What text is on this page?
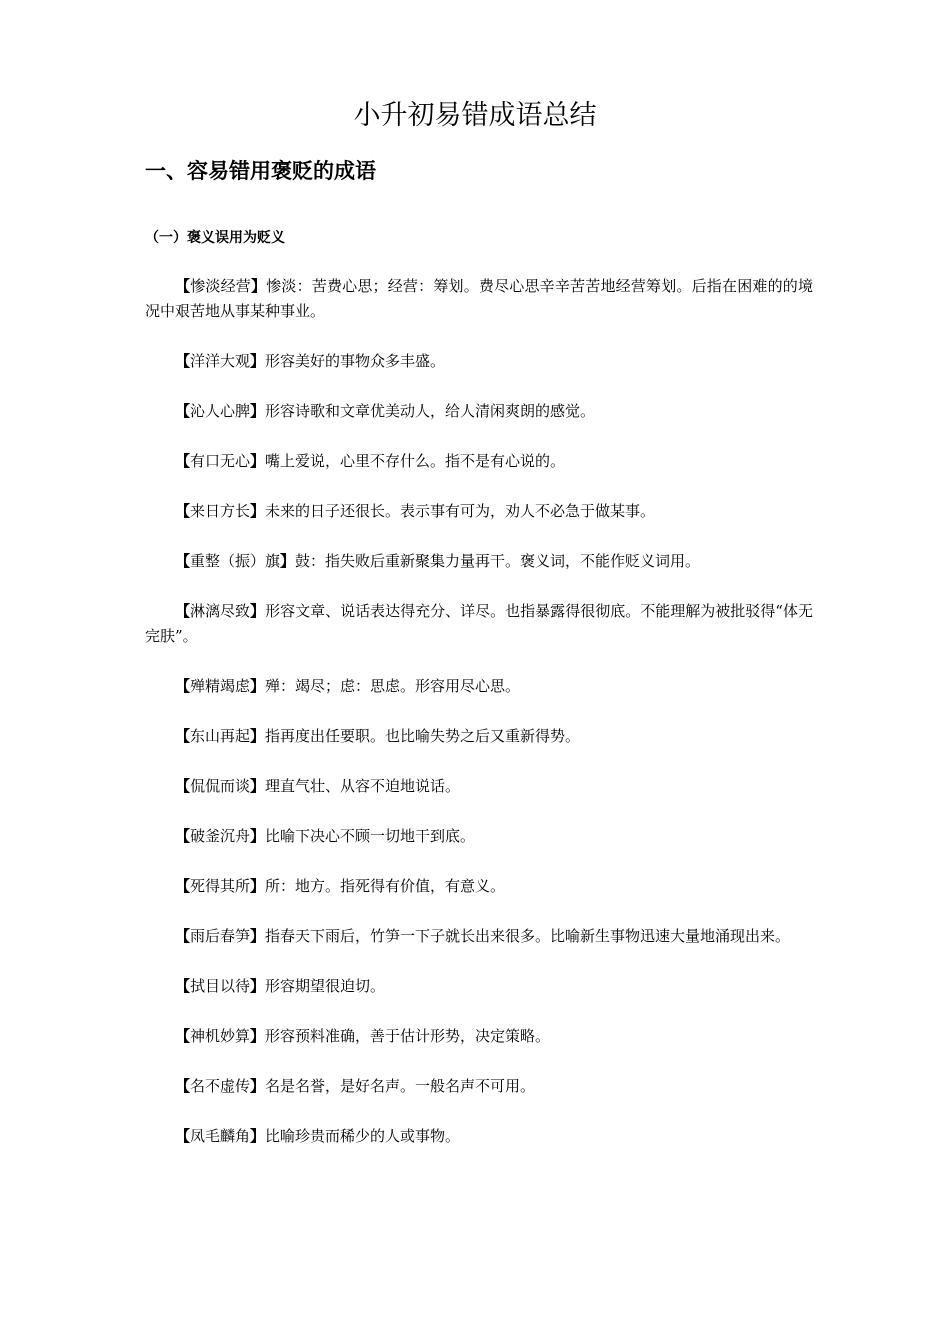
小升初易错成语总结
一、容易错用褒贬的成语
（一）褒义误用为贬义

【惨淡经营】惨淡：苦费心思；经营：筹划。费尽心思辛辛苦苦地经营筹划。后指在困难的的境况中艰苦地从事某种事业。

【洋洋大观】形容美好的事物众多丰盛。

【沁人心脾】形容诗歌和文章优美动人，给人清闲爽朗的感觉。

【有口无心】嘴上爱说，心里不存什么。指不是有心说的。

【来日方长】未来的日子还很长。表示事有可为，劝人不必急于做某事。

【重整（振）旗】鼓：指失败后重新聚集力量再干。褒义词，不能作贬义词用。

【淋漓尽致】形容文章、说话表达得充分、详尽。也指暴露得很彻底。不能理解为被批驳得“体无完肤”。

【殚精竭虑】殚：竭尽；虑：思虑。形容用尽心思。

【东山再起】指再度出任要职。也比喻失势之后又重新得势。

【侃侃而谈】理直气壮、从容不迫地说话。

【破釜沉舟】比喻下决心不顾一切地干到底。

【死得其所】所：地方。指死得有价值，有意义。

【雨后春笋】指春天下雨后，竹笋一下子就长出来很多。比喻新生事物迅速大量地涌现出来。

【拭目以待】形容期望很迫切。

【神机妙算】形容预料准确，善于估计形势，决定策略。

【名不虚传】名是名誉，是好名声。一般名声不可用。

【凤毛麟角】比喻珍贵而稀少的人或事物。
